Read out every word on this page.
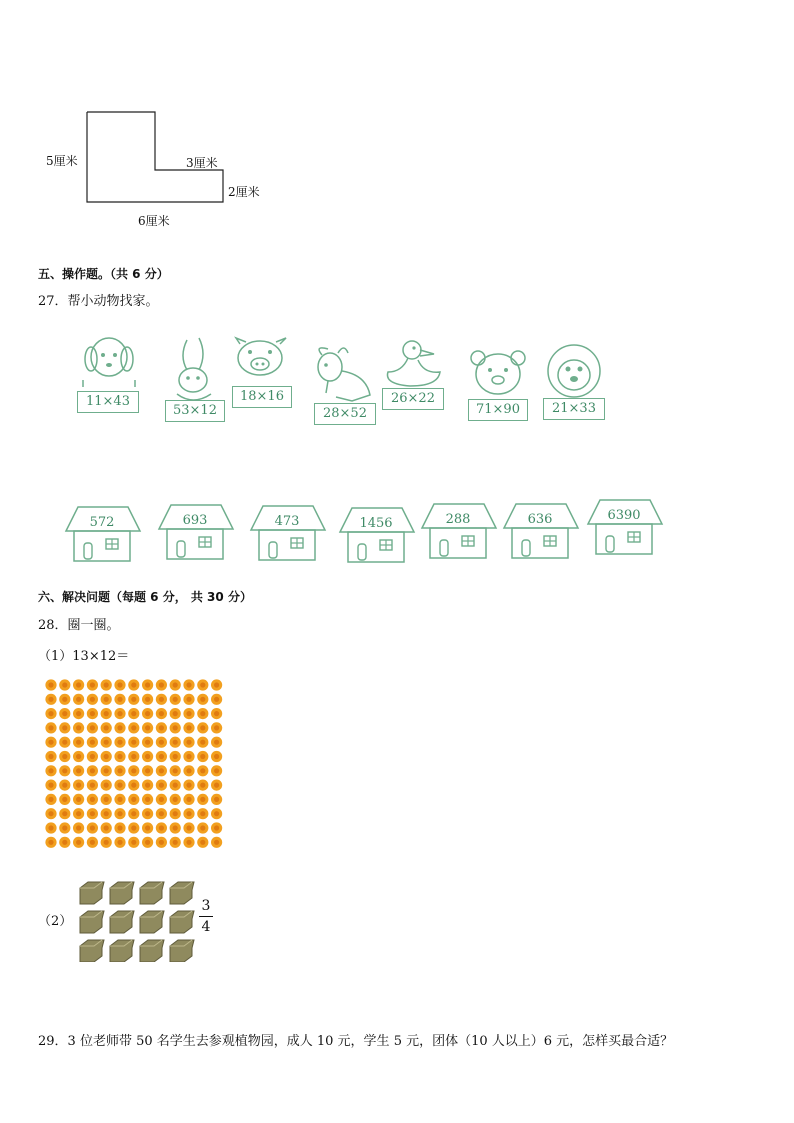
5厘米	3厘米
2厘米
6厘米
五、操作题。（共 6 分）
27．帮小动物找家。
11×43
53×12
18×16
28×52
26×22
71×90	21×33
572	693	473	1456	288	636	6390
六、解决问题（每题 6 分， 共 30 分）
28．圈一圈。
（1）13×12＝
（2）
3
4
29．3 位老师带 50 名学生去参观植物园，成人 10 元，学生 5 元，团体（10 人以上）6 元，怎样买最合适？
